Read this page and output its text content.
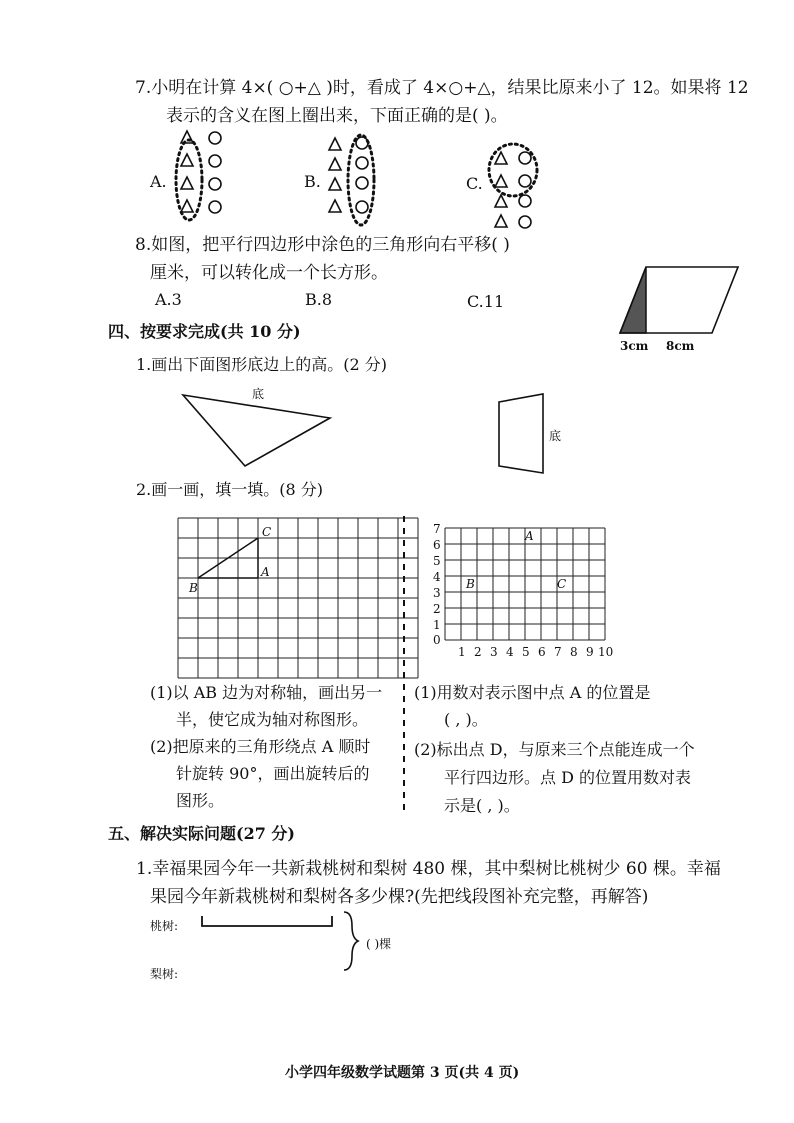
7.小明在计算 4×( ○+△ )时，看成了 4×○+△，结果比原来小了 12。如果将 12
表示的含义在图上圈出来，下面正确的是( )。
A.	B.	C.
8.如图，把平行四边形中涂色的三角形向右平移( )
厘米，可以转化成一个长方形。
A.3	B.8	C.11
3cm 8cm
四、按要求完成(共 10 分)
1.画出下面图形底边上的高。(2 分)
底
底
2.画一画，填一填。(8 分)
C
A
B
0
1 2 3 4 5 6 7 8 9 10
1
2
3
4
5
6
7	A
B	C
(1)以 AB 边为对称轴，画出另一
半，使它成为轴对称图形。
(2)把原来的三角形绕点 A 顺时
针旋转 90°，画出旋转后的
图形。
(1)用数对表示图中点 A 的位置是
( , )。
(2)标出点 D，与原来三个点能连成一个
平行四边形。点 D 的位置用数对表
示是( , )。
五、解决实际问题(27 分)
1.幸福果园今年一共新栽桃树和梨树 480 棵，其中梨树比桃树少 60 棵。幸福
果园今年新栽桃树和梨树各多少棵?(先把线段图补充完整，再解答)
桃树:
梨树:
( )棵
小学四年级数学试题第 3 页(共 4 页)
